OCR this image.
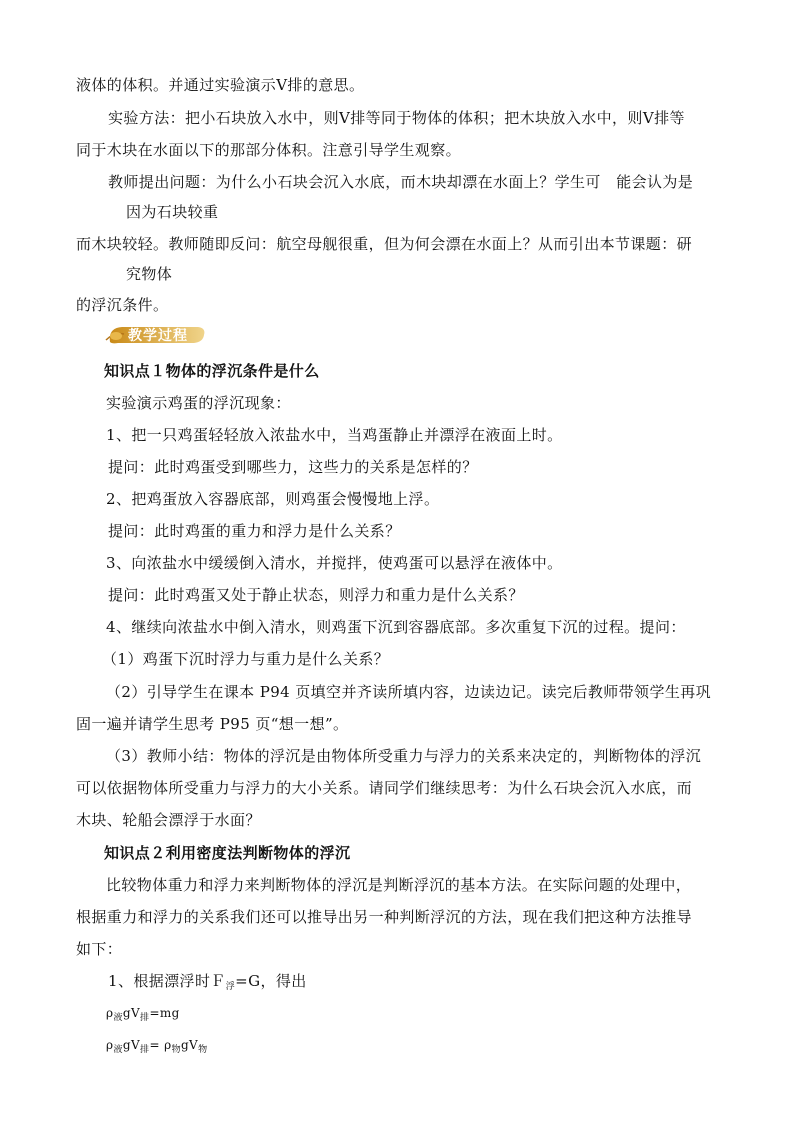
液体的体积。并通过实验演示V排的意思。
实验方法：把小石块放入水中，则V排等同于物体的体积；把木块放入水中，则V排等
同于木块在水面以下的那部分体积。注意引导学生观察。
教师提出问题：为什么小石块会沉入水底，而木块却漂在水面上？学生可　能会认为是
因为石块较重
而木块较轻。教师随即反问：航空母舰很重，但为何会漂在水面上？从而引出本节课题：研
究物体
的浮沉条件。
教学过程
知识点１物体的浮沉条件是什么
实验演示鸡蛋的浮沉现象：
1、把一只鸡蛋轻轻放入浓盐水中，当鸡蛋静止并漂浮在液面上时。
提问：此时鸡蛋受到哪些力，这些力的关系是怎样的？
2、把鸡蛋放入容器底部，则鸡蛋会慢慢地上浮。
提问：此时鸡蛋的重力和浮力是什么关系？
3、向浓盐水中缓缓倒入清水，并搅拌，使鸡蛋可以悬浮在液体中。
提问：此时鸡蛋又处于静止状态，则浮力和重力是什么关系？
4、继续向浓盐水中倒入清水，则鸡蛋下沉到容器底部。多次重复下沉的过程。提问：
（1）鸡蛋下沉时浮力与重力是什么关系？
（2）引导学生在课本 P94 页填空并齐读所填内容，边读边记。读完后教师带领学生再巩
固一遍并请学生思考 P95 页“想一想”。
（3）教师小结：物体的浮沉是由物体所受重力与浮力的关系来决定的，判断物体的浮沉
可以依据物体所受重力与浮力的大小关系。请同学们继续思考：为什么石块会沉入水底，而
木块、轮船会漂浮于水面？
知识点２利用密度法判断物体的浮沉
比较物体重力和浮力来判断物体的浮沉是判断浮沉的基本方法。在实际问题的处理中，
根据重力和浮力的关系我们还可以推导出另一种判断浮沉的方法，现在我们把这种方法推导
如下：
1、根据漂浮时Ｆ$_浮$=G，得出
$\rho_液gV_排=mg$
$\rho_液gV_排= \rho_物gV_物$
